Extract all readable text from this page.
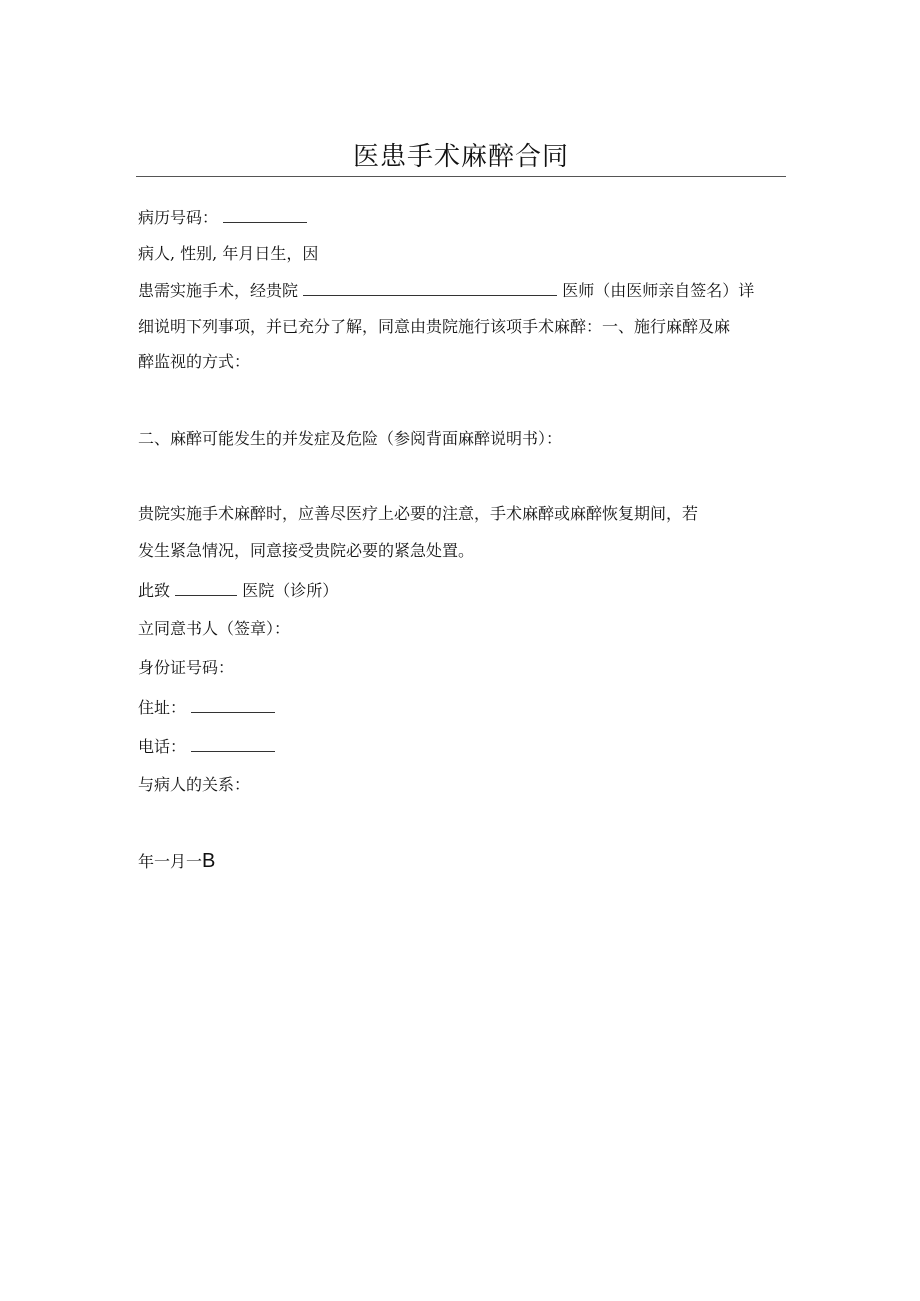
医患手术麻醉合同
病历号码：
病人, 性别, 年月日生，因
患需实施手术，经贵院	医师（由医师亲自签名）详
细说明下列事项，并已充分了解，同意由贵院施行该项手术麻醉：一、施行麻醉及麻
醉监视的方式：
二、麻醉可能发生的并发症及危险（参阅背面麻醉说明书）：
贵院实施手术麻醉时，应善尽医疗上必要的注意，手术麻醉或麻醉恢复期间，若
发生紧急情况，同意接受贵院必要的紧急处置。
此致	医院（诊所）
立同意书人（签章）：
身份证号码：
住址：
电话：
与病人的关系：
年一月一B
